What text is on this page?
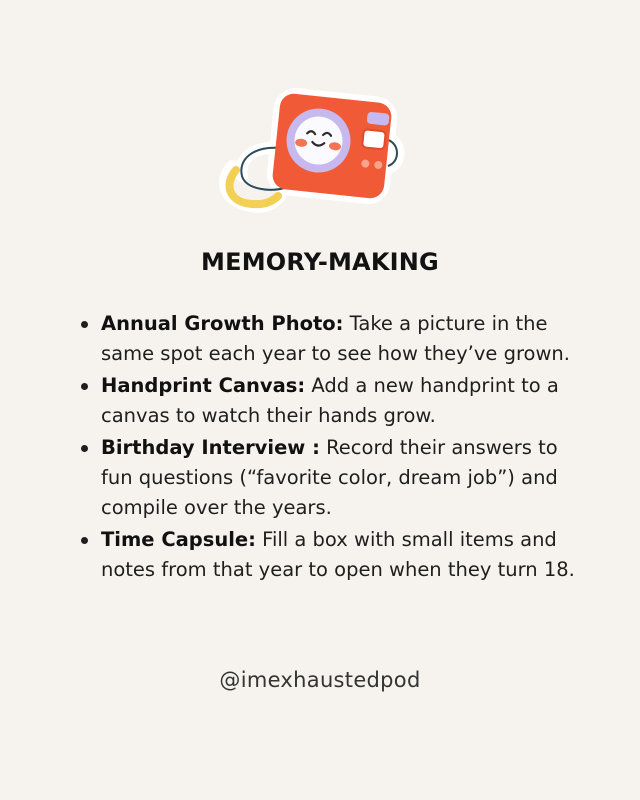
MEMORY-MAKING
Annual Growth Photo: Take a picture in the same spot each year to see how they’ve grown.
Handprint Canvas: Add a new handprint to a canvas to watch their hands grow.
Birthday Interview : Record their answers to fun questions (“favorite color, dream job”) and compile over the years.
Time Capsule: Fill a box with small items and notes from that year to open when they turn 18.
@imexhaustedpod
